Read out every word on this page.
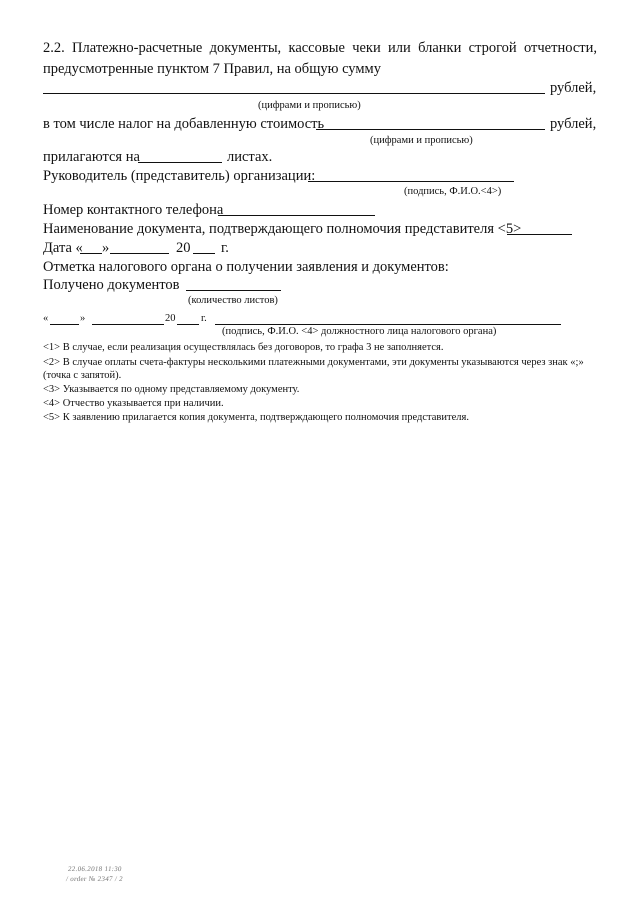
2.2. Платежно-расчетные документы, кассовые чеки или бланки строгой отчетности,
предусмотренные пунктом 7 Правил, на общую сумму
рублей,
(цифрами и прописью)
в том числе налог на добавленную стоимость	рублей,
(цифрами и прописью)
прилагаются на	листах.
Руководитель (представитель) организации:
(подпись, Ф.И.О.<4>)
Номер контактного телефона
Наименование документа, подтверждающего полномочия представителя <5>
Дата « »	20 г.
Отметка налогового органа о получении заявления и документов:
Получено документов
(количество листов)
«	»	20 г.
(подпись, Ф.И.О. <4> должностного лица налогового органа)
<1> В случае, если реализация осуществлялась без договоров, то графа 3 не заполняется.
<2> В случае оплаты счета-фактуры несколькими платежными документами, эти документы указываются через знак «;»
(точка с запятой).
<3> Указывается по одному представляемому документу.
<4> Отчество указывается при наличии.
<5> К заявлению прилагается копия документа, подтверждающего полномочия представителя.
22.06.2018 11:30
/ order № 2347 / 2
